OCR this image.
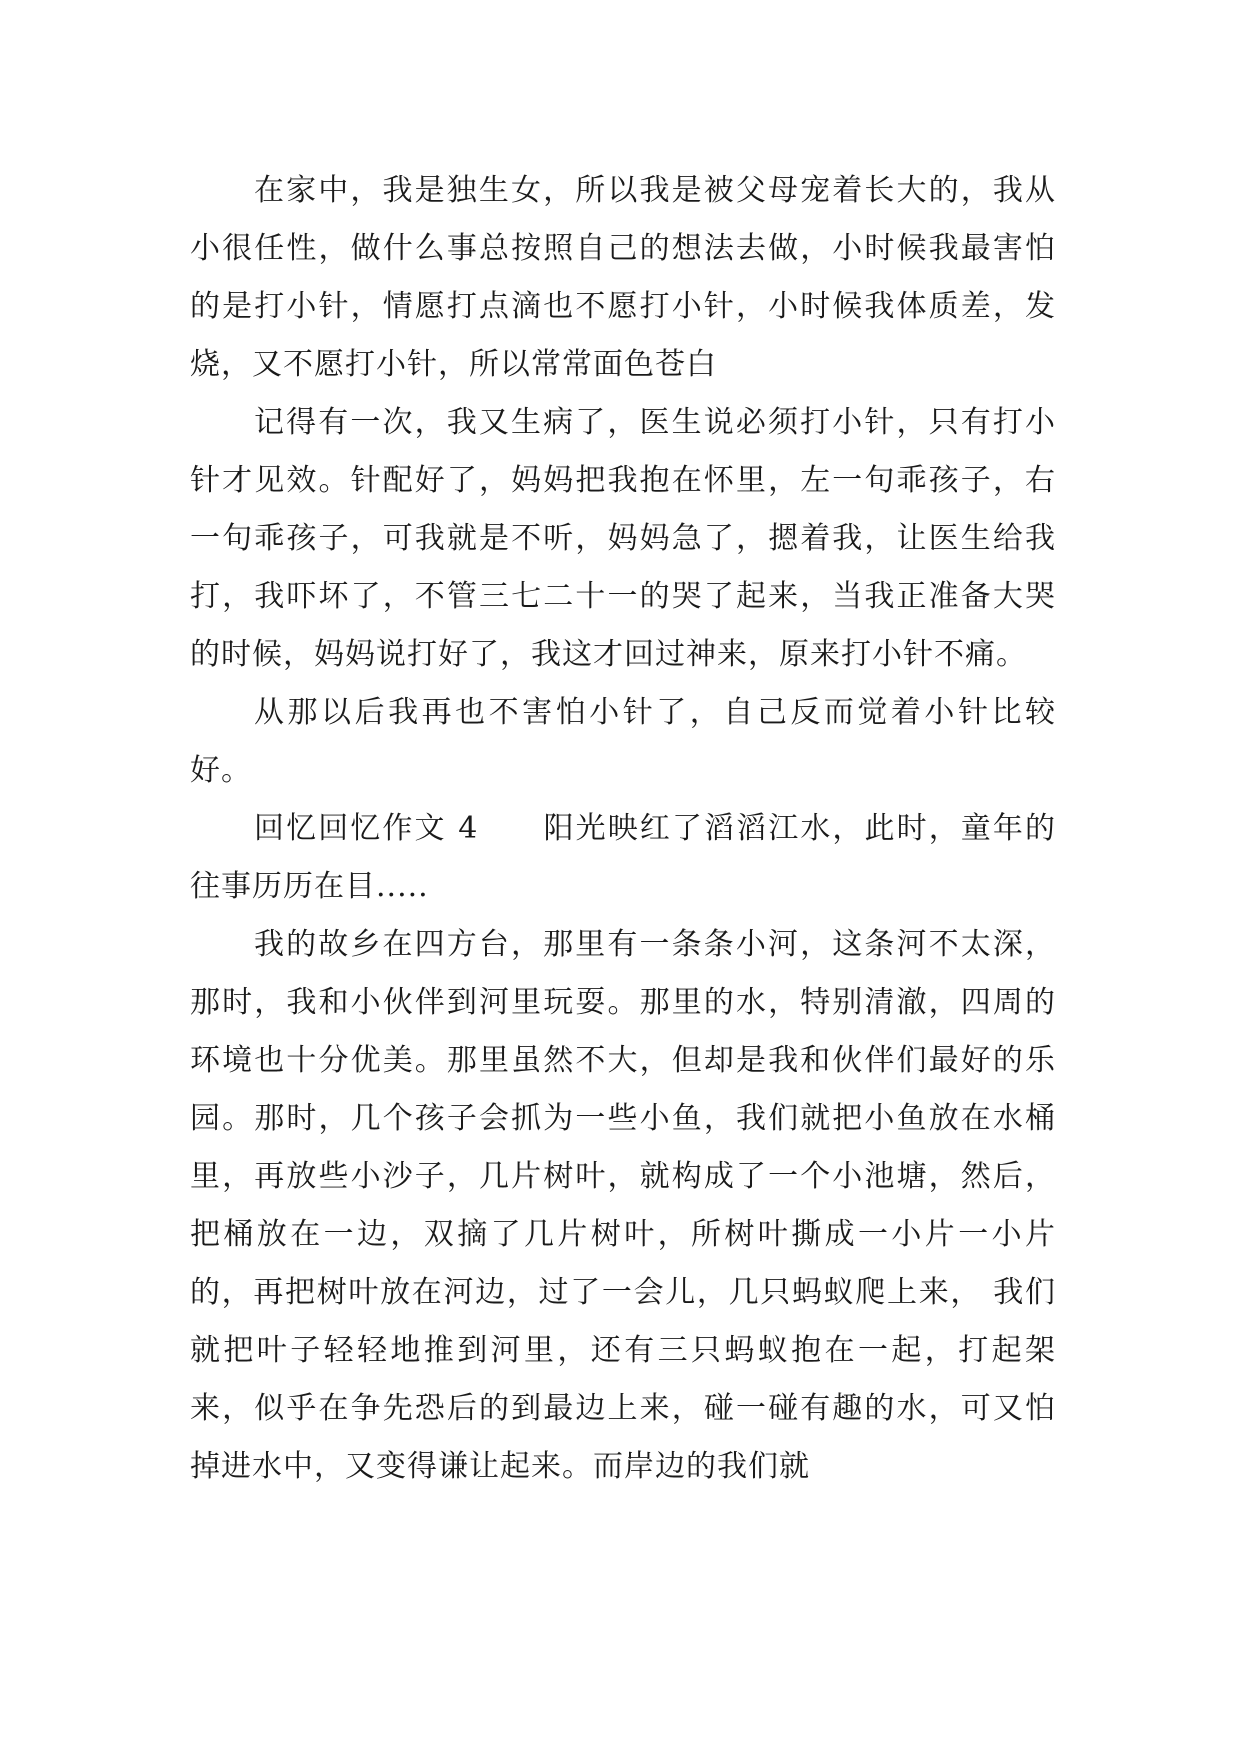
在家中，我是独生女，所以我是被父母宠着长大的，我从小很任性，做什么事总按照自己的想法去做，小时候我最害怕的是打小针，情愿打点滴也不愿打小针，小时候我体质差，发烧，又不愿打小针，所以常常面色苍白

记得有一次，我又生病了，医生说必须打小针，只有打小针才见效。针配好了，妈妈把我抱在怀里，左一句乖孩子，右一句乖孩子，可我就是不听，妈妈急了，摁着我，让医生给我打，我吓坏了，不管三七二十一的哭了起来，当我正准备大哭的时候，妈妈说打好了，我这才回过神来，原来打小针不痛。

从那以后我再也不害怕小针了，自己反而觉着小针比较好。

回忆回忆作文 4　　阳光映红了滔滔江水，此时，童年的往事历历在目.....

我的故乡在四方台，那里有一条条小河，这条河不太深，那时，我和小伙伴到河里玩耍。那里的水，特别清澈，四周的环境也十分优美。那里虽然不大，但却是我和伙伴们最好的乐园。那时，几个孩子会抓为一些小鱼，我们就把小鱼放在水桶里，再放些小沙子，几片树叶，就构成了一个小池塘，然后，把桶放在一边，双摘了几片树叶，所树叶撕成一小片一小片的，再把树叶放在河边，过了一会儿，几只蚂蚁爬上来， 我们就把叶子轻轻地推到河里，还有三只蚂蚁抱在一起，打起架来，似乎在争先恐后的到最边上来，碰一碰有趣的水，可又怕掉进水中，又变得谦让起来。而岸边的我们就
